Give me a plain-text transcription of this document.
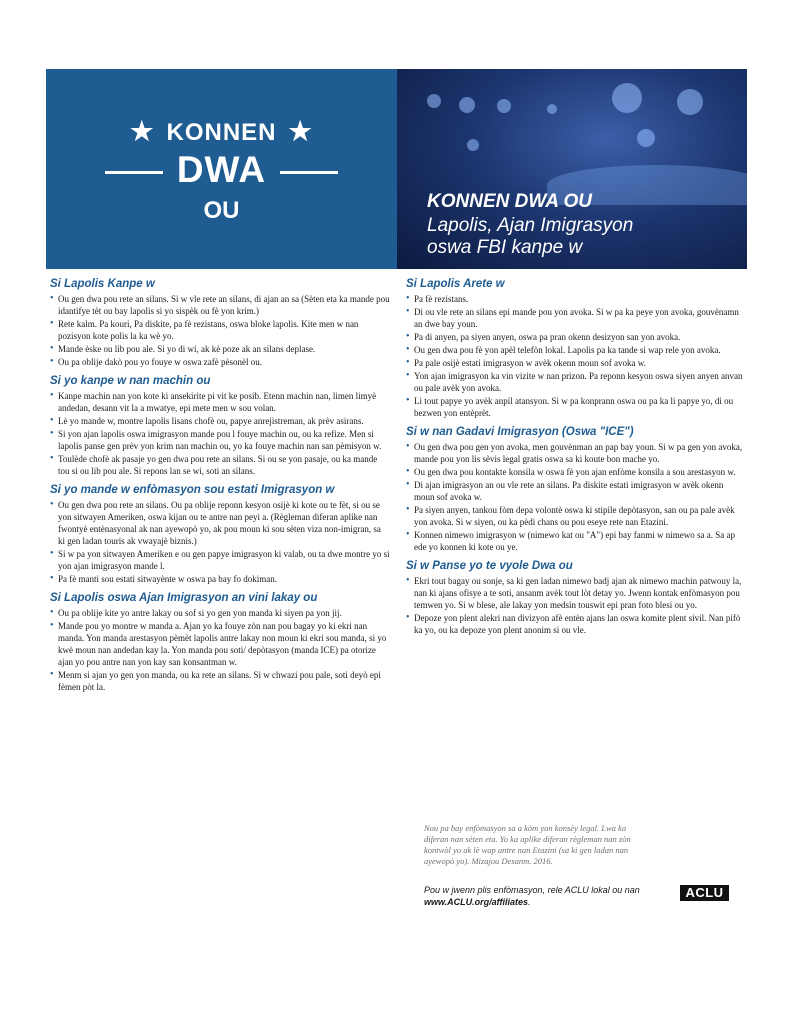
★ KONNEN ★
DWA
OU	KONNEN DWA OU
Lapolis, Ajan Imigrasyon
oswa FBI kanpe w
Si Lapolis Kanpe w
• Ou gen dwa pou rete an silans. Si w vle rete an silans, di ajan an sa (Sèten eta ka mande pou idantifye tèt ou bay lapolis si yo sispèk ou fè yon krim.)
• Rete kalm. Pa kouri, Pa diskite, pa fè rezistans, oswa bloke lapolis. Kite men w nan pozisyon kote polis la ka wè yo.
• Mande èske ou lib pou ale. Si yo di wi, ak kè poze ak an silans deplase.
• Ou pa oblije dakò pou yo fouye w oswa zafè pèsonèl ou.
Si yo kanpe w nan machin ou
• Kanpe machin nan yon kote ki ansekirite pi vit ke posib. Etenn machin nan, limen limyè andedan, desann vit la a mwatye, epi mete men w sou volan.
• Lè yo mande w, montre lapolis lisans chofè ou, papye anrejistreman, ak prèv asirans.
• Si yon ajan lapolis oswa imigrasyon mande pou l fouye machin ou, ou ka refize. Men si lapolis panse gen prèv yon krim nan machin ou, yo ka fouye machin nan san pèmisyon w.
• Toulède chofè ak pasaje yo gen dwa pou rete an silans. Si ou se yon pasaje, ou ka mande tou si ou lib pou ale. Si repons lan se wi, soti an silans.
Si yo mande w enfòmasyon sou estati Imigrasyon w
• Ou gen dwa pou rete an silans. Ou pa oblije reponn kesyon osijè ki kote ou te fèt, si ou se yon sitwayen Ameriken, oswa kijan ou te antre nan peyi a. (Règleman diferan aplike nan fwontyè entènasyonal ak nan ayewopò yo, ak pou moun ki sou sèten viza non-imigran, sa ki gen ladan touris ak vwayajè biznis.)
• Si w pa yon sitwayen Ameriken e ou gen papye imigrasyon ki valab, ou ta dwe montre yo si yon ajan imigrasyon mande l.
• Pa fè manti sou estati sitwayènte w oswa pa bay fo dokiman.
Si Lapolis oswa Ajan Imigrasyon an vini lakay ou
• Ou pa oblije kite yo antre lakay ou sof si yo gen yon manda ki siyen pa yon jij.
• Mande pou yo montre w manda a. Ajan yo ka fouye zòn nan pou bagay yo ki ekri nan manda. Yon manda arestasyon pèmèt lapolis antre lakay non moun ki ekri sou manda, si yo kwè moun nan andedan kay la. Yon manda pou soti/ depòtasyon (manda ICE) pa otorize ajan yo pou antre nan yon kay san konsantman w.
• Menm si ajan yo gen yon manda, ou ka rete an silans. Si w chwazi pou pale, soti deyò epi fèmen pòt la.
Si Lapolis Arete w
• Pa fè rezistans.
• Di ou vle rete an silans epi mande pou yon avoka. Si w pa ka peye yon avoka, gouvènamn an dwe bay youn.
• Pa di anyen, pa siyen anyen, oswa pa pran okenn desizyon san yon avoka.
• Ou gen dwa pou fè yon apèl telefòn lokal. Lapolis pa ka tande si wap rele yon avoka.
• Pa pale osijè estati imigrasyon w avèk okenn moun sof avoka w.
• Yon ajan imigrasyon ka vin vizite w nan prizon. Pa reponn kesyon oswa siyen anyen anvan ou pale avèk yon avoka.
• Li tout papye yo avèk anpil atansyon. Si w pa konprann oswa ou pa ka li papye yo, di ou bezwen yon entèprèt.
Si w nan Gadavi Imigrasyon (Oswa "ICE")
• Ou gen dwa pou gen yon avoka, men gouvènman an pap bay youn. Si w pa gen yon avoka, mande pou yon lis sèvis legal gratis oswa sa ki koute bon mache yo.
• Ou gen dwa pou kontakte konsila w oswa fè yon ajan enfòme konsila a sou arestasyon w.
• Di ajan imigrasyon an ou vle rete an silans. Pa diskite estati imigrasyon w avèk okenn moun sof avoka w.
• Pa siyen anyen, tankou fòm depa volontè oswa ki stipile depòtasyon, san ou pa pale avèk yon avoka. Si w siyen, ou ka pèdi chans ou pou eseye rete nan Etazini.
• Konnen nimewo imigrasyon w (nimewo kat ou "A") epi bay fanmi w nimewo sa a. Sa ap ede yo konnen ki kote ou ye.
Si w Panse yo te vyole Dwa ou
• Ekri tout bagay ou sonje, sa ki gen ladan nimewo badj ajan ak nimewo machin patwouy la, nan ki ajans ofisye a te soti, ansanm avèk tout lòt detay yo. Jwenn kontak enfòmasyon pou temwen yo. Si w blese, ale lakay yon medsin touswit epi pran foto blesi ou yo.
• Depoze yon plent alekri nan divizyon afè entèn ajans lan oswa komite plent sivil. Nan pifò ka yo, ou ka depoze yon plent anonim si ou vle.
Nou pa bay enfòmasyon sa a kòm yon konsèy legal. Lwa ka diferan nan sèten eta. Yo ka aplike diferan règleman nan zòn kontwòl yo ak lè wap antre nan Etazini (sa ki gen ladan nan ayewopò yo). Mizajou Desanm. 2016.
Pou w jwenn plis enfòmasyon, rele ACLU lokal ou nan www.ACLU.org/affiliates.
ACLU
